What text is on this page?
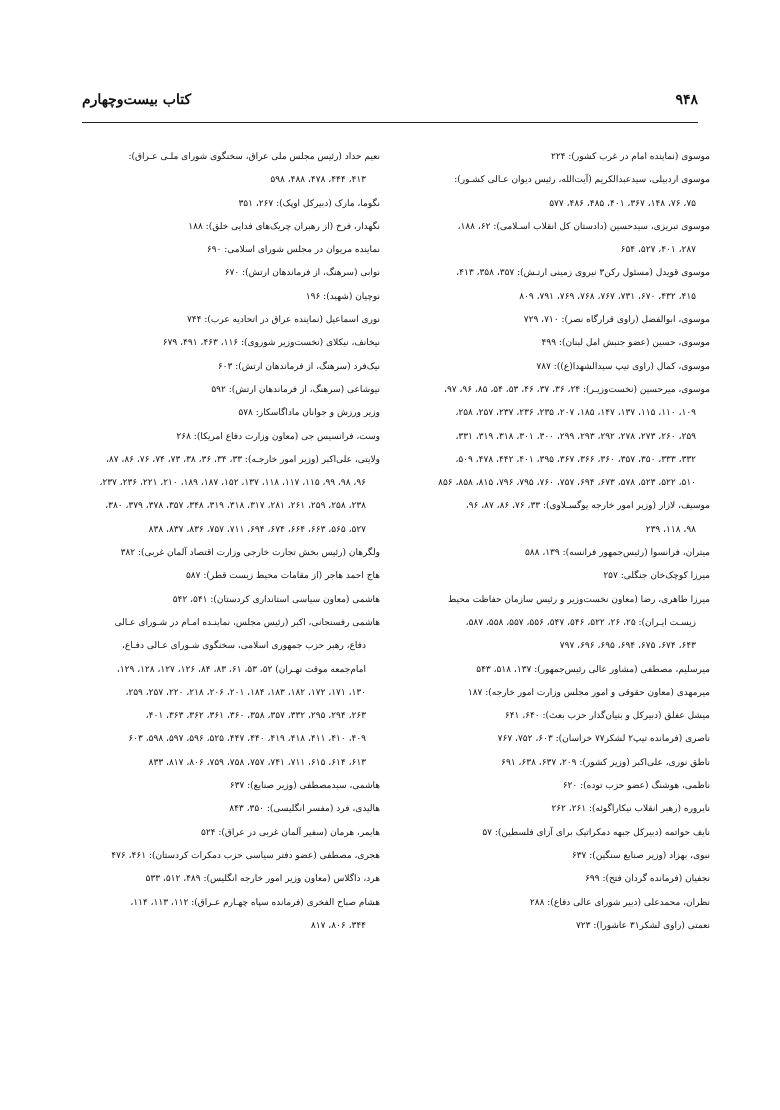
۹۴۸
کتاب بیست‌وچهارم

موسوی (نماینده امام در غرب کشور): ۲۲۴

موسوی اردبیلی، سیدعبدالکریم (آیت‌الله، رئیس دیوان عـالی کشـور):
۷۵، ۷۶، ۱۴۸، ۳۶۷، ۴۰۱، ۴۸۵، ۴۸۶، ۵۷۷

موسوی تبریزی، سیدحسین (دادستان کل انقلاب اسـلامی): ۶۲، ۱۸۸،
۲۸۷، ۴۰۱، ۵۲۷، ۶۵۴

موسوی قویدل (مسئول رکن۳ نیروی زمینی ارتـش): ۳۵۷، ۳۵۸، ۴۱۳،
۴۱۵، ۴۳۲، ۶۷۰، ۷۳۱، ۷۶۷، ۷۶۸، ۷۶۹، ۷۹۱، ۸۰۹

موسوی، ابوالفضل (راوی قرارگاه نصر): ۷۱۰، ۷۲۹

موسوی، حسین (عضو جنبش امل لبنان): ۴۹۹

موسوی، کمال (راوی تیپ سیدالشهدا(ع)): ۷۸۷

موسوی، میرحسین (نخست‌وزیـر): ۲۴، ۳۶، ۳۷، ۴۶، ۵۳، ۵۴، ۸۵، ۹۶، ۹۷،
۱۰۹، ۱۱۰، ۱۱۵، ۱۳۷، ۱۴۷، ۱۸۵، ۲۰۷، ۲۳۵، ۲۳۶، ۲۳۷، ۲۵۷، ۲۵۸،

۲۵۹، ۲۶۰، ۲۷۳، ۲۷۸، ۲۹۲، ۲۹۳، ۲۹۹، ۳۰۰، ۳۰۱، ۳۱۸، ۳۱۹، ۳۳۱،

۳۳۲، ۳۳۳، ۳۵۰، ۳۵۷، ۳۶۰، ۳۶۶، ۳۶۷، ۳۹۵، ۴۰۱، ۴۴۲، ۴۷۸، ۵۰۹،

۵۱۰، ۵۲۲، ۵۲۳، ۵۷۸، ۶۷۳، ۶۹۴، ۷۵۷، ۷۶۰، ۷۹۵، ۷۹۶، ۸۱۵، ۸۵۸، ۸۵۶

موسیف، لازار (وزیر امور خارجه یوگسـلاوی): ۳۳، ۷۶، ۸۶، ۸۷، ۹۶،
۹۸، ۱۱۸، ۲۳۹

میتران، فرانسوا (رئیس‌جمهور فرانسه): ۱۳۹، ۵۸۸

میرزا کوچک‌خان جنگلی: ۲۵۷

میرزا طاهری، رضا (معاون نخست‌وزیر و رئیس سازمان حفاظت محیط
زیسـت ایـران): ۲۵، ۲۶، ۵۲۲، ۵۴۶، ۵۴۷، ۵۵۶، ۵۵۷، ۵۵۸، ۵۸۷،

۶۴۳، ۶۷۴، ۶۷۵، ۶۹۴، ۶۹۵، ۶۹۶، ۷۹۷

میرسلیم، مصطفی (مشاور عالی رئیس‌جمهور): ۱۳۷، ۵۱۸، ۵۴۳

میرمهدی (معاون حقوقی و امور مجلس وزارت امور خارجه): ۱۸۷

میشل عفلق (دبیرکل و بنیان‌گذار حزب بعث): ۶۴۰، ۶۴۱

ناصری (فرمانده تیپ۲ لشکر۷۷ خراسان): ۶۰۳، ۷۵۲، ۷۶۷

ناطق نوری، علی‌اکبر (وزیر کشور): ۲۰۹، ۶۳۷، ۶۳۸، ۶۹۱

ناظمی، هوشنگ (عضو حزب توده): ۶۲۰

نایروره (رهبر انقلاب نیکاراگوئه): ۲۶۱، ۲۶۲

نایف حواتمه (دبیرکل جبهه دمکراتیک برای آزای فلسطین): ۵۷

نبوی، بهزاد (وزیر صنایع سنگین): ۶۳۷

نجفیان (فرمانده گردان فتح): ۶۹۹

نظران، محمدعلی (دبیر شورای عالی دفاع): ۲۸۸

نعمتی (راوی لشکر۳۱ عاشورا): ۷۲۳

نعیم حداد (رئیس مجلس ملی عراق، سخنگوی شورای ملـی عـراق):
۴۱۳، ۴۴۴، ۴۷۸، ۴۸۸، ۵۹۸

نگوما، مارک (دبیرکل اوپک): ۲۶۷، ۳۵۱

نگهدار، فرخ (از رهبران چریک‌های فدایی خلق): ۱۸۸

نماینده مریوان در مجلس شورای اسلامی: ۶۹۰

نوابی (سرهنگ، از فرماندهان ارتش): ۶۷۰

نوچیان (شهید): ۱۹۶

نوری اسماعیل (نماینده عراق در اتحادیه عرب): ۷۴۴

نیخانف، نیکلای (نخست‌وزیر شوروی): ۱۱۶، ۴۶۳، ۴۹۱، ۶۷۹

نیک‌فرد (سرهنگ، از فرماندهان ارتش): ۶۰۳

نیوشاعی (سرهنگ، از فرماندهان ارتش): ۵۹۲

وزیر ورزش و جوانان ماداگاسکار: ۵۷۸

وست، فرانسیس جی (معاون وزارت دفاع امریکا): ۲۶۸

ولایتی، علی‌اکبر (وزیر امور خارجـه): ۳۳، ۳۴، ۳۶، ۳۸، ۷۳، ۷۴، ۷۶، ۸۶، ۸۷،
۹۶، ۹۸، ۹۹، ۱۱۵، ۱۱۷، ۱۱۸، ۱۳۷، ۱۵۲، ۱۸۷، ۱۸۹، ۲۱۰، ۲۲۱، ۲۳۶، ۲۳۷،

۲۳۸، ۲۵۸، ۲۵۹، ۲۶۱، ۲۸۱، ۳۱۷، ۳۱۸، ۳۱۹، ۳۴۸، ۳۵۷، ۳۷۸، ۳۷۹، ۳۸۰،

۵۲۷، ۵۶۵، ۶۶۳، ۶۶۴، ۶۷۴، ۶۹۴، ۷۱۱، ۷۵۷، ۸۳۶، ۸۳۷، ۸۳۸

ولگرهان (رئیس بخش تجارت خارجی وزارت اقتصاد آلمان غربی): ۳۸۲

هاج احمد هاجر (از مقامات محیط زیست قطر): ۵۸۷

هاشمی (معاون سیاسی استانداری کردستان): ۵۴۱، ۵۴۲

هاشمی رفسنجانی، اکبر (رئیس مجلس، نماینـده امـام در شـورای عـالی
دفاع، رهبر حزب جمهوری اسلامی، سخنگوی شـورای عـالی دفـاع،

امام‌جمعه موقت تهـران) ۵۲، ۵۳، ۶۱، ۸۳، ۸۴، ۱۲۶، ۱۲۷، ۱۲۸، ۱۲۹،

۱۳۰، ۱۷۱، ۱۷۲، ۱۸۲، ۱۸۳، ۱۸۴، ۲۰۱، ۲۰۶، ۲۱۸، ۲۲۰، ۲۵۷، ۲۵۹،

۲۶۳، ۲۹۴، ۲۹۵، ۳۳۲، ۳۵۷، ۳۵۸، ۳۶۰، ۳۶۱، ۳۶۲، ۳۶۳، ۴۰۱،

۴۰۹، ۴۱۰، ۴۱۱، ۴۱۸، ۴۱۹، ۴۴۰، ۴۴۷، ۵۲۵، ۵۹۶، ۵۹۷، ۵۹۸، ۶۰۳

۶۱۳، ۶۱۴، ۶۱۵، ۷۱۱، ۷۴۱، ۷۵۷، ۷۵۸، ۷۵۹، ۸۰۶، ۸۱۷، ۸۳۳

هاشمی، سیدمصطفی (وزیر صنایع): ۶۳۷

هالیدی، فرد (مفسر انگلیسی): ۳۵۰، ۸۴۳

هایمر، هرمان (سفیر آلمان غربی در عراق): ۵۲۴

هجری، مصطفی (عضو دفتر سیاسی حزب دمکرات کردستان): ۴۶۱، ۴۷۶

هرد، داگلاس (معاون وزیر امور خارجه انگلیس): ۴۸۹، ۵۱۲، ۵۳۳

هشام صباح الفخری (فرمانده سپاه چهـارم عـراق): ۱۱۲، ۱۱۳، ۱۱۴،
۳۴۴، ۸۰۶، ۸۱۷
